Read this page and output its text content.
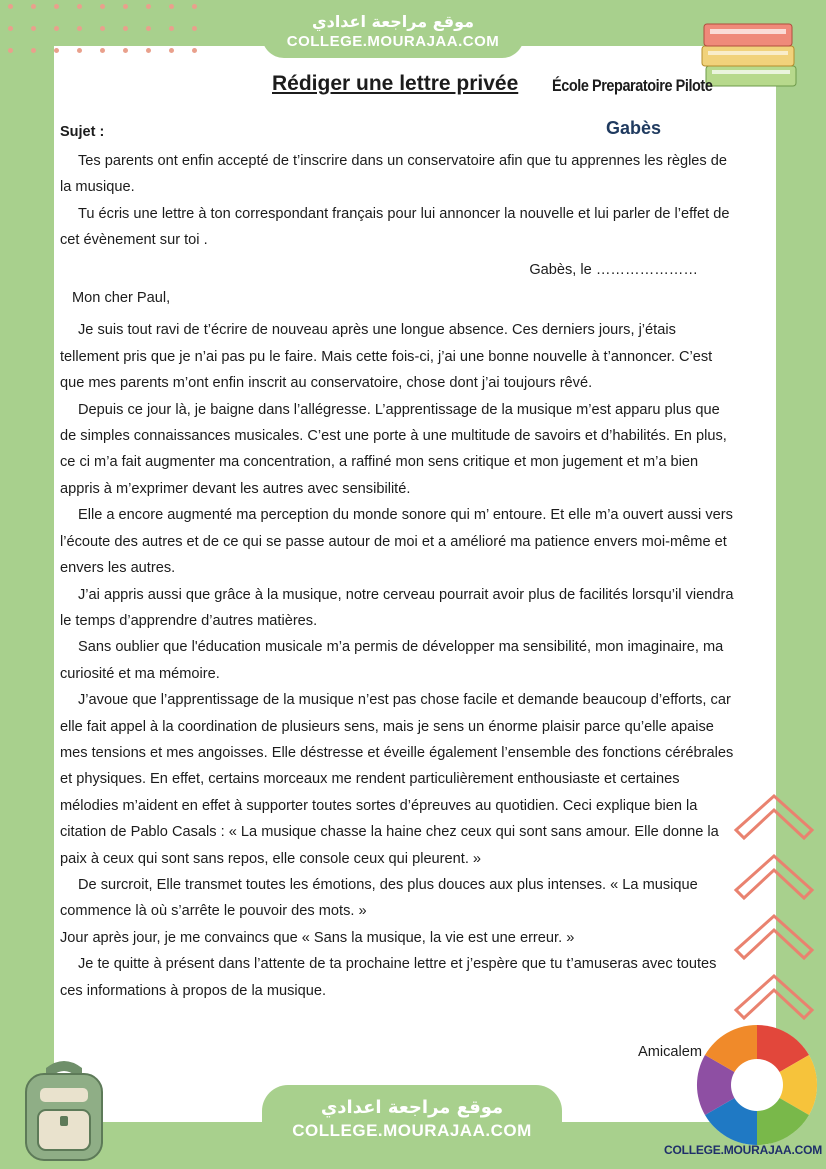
موقع مراجعة اعدادي
COLLEGE.MOURAJAA.COM
Rédiger une lettre privée École Preparatoire Pilote
Gabès
Sujet :

Tes parents ont enfin accepté de t’inscrire dans un conservatoire afin que tu apprennes les règles de la musique.

Tu écris une lettre à ton correspondant français pour lui annoncer la nouvelle et lui parler de l’effet de cet évènement sur toi .

Gabès, le …………………

Mon cher Paul,

Je suis tout ravi de t’écrire de nouveau après une longue absence. Ces derniers jours, j’étais tellement pris que je n’ai pas pu le faire. Mais cette fois-ci, j’ai une bonne nouvelle à t’annoncer. C’est que mes parents m’ont enfin inscrit au conservatoire, chose dont j’ai toujours rêvé.

Depuis ce jour là, je baigne dans l’allégresse. L’apprentissage de la musique m’est apparu plus que de simples connaissances musicales. C’est une porte à une multitude de savoirs et d’habilités. En plus, ce ci m’a fait augmenter ma concentration, a raffiné mon sens critique et mon jugement et m’a bien appris à m’exprimer devant les autres avec sensibilité.

Elle a encore augmenté ma perception du monde sonore qui m’ entoure. Et elle m’a ouvert aussi vers l’écoute des autres et de ce qui se passe autour de moi et a amélioré ma patience envers moi-même et envers les autres.

J’ai appris aussi que grâce à la musique, notre cerveau pourrait avoir plus de facilités lorsqu’il viendra le temps d’apprendre d’autres matières.

Sans oublier que l'éducation musicale m’a permis de développer ma sensibilité, mon imaginaire, ma curiosité et ma mémoire.

J’avoue que l’apprentissage de la musique n’est pas chose facile et demande beaucoup d’efforts, car elle fait appel à la coordination de plusieurs sens, mais je sens un énorme plaisir parce qu’elle apaise mes tensions et mes angoisses. Elle déstresse et éveille également l’ensemble des fonctions cérébrales et physiques. En effet, certains morceaux me rendent particulièrement enthousiaste et certaines mélodies m’aident en effet à supporter toutes sortes d’épreuves au quotidien. Ceci explique bien la citation de Pablo Casals : « La musique chasse la haine chez ceux qui sont sans amour. Elle donne la paix à ceux qui sont sans repos, elle console ceux qui pleurent. »

De surcroit, Elle transmet toutes les émotions, des plus douces aux plus intenses. « La musique commence là où s’arrête le pouvoir des mots. »

Jour après jour, je me convaincs que « Sans la musique, la vie est une erreur. »

Je te quitte à présent dans l’attente de ta prochaine lettre et j’espère que tu t’amuseras avec toutes ces informations à propos de la musique.

Amicalem
موقع مراجعة اعدادي
COLLEGE.MOURAJAA.COM
COLLEGE.MOURAJAA.COM
